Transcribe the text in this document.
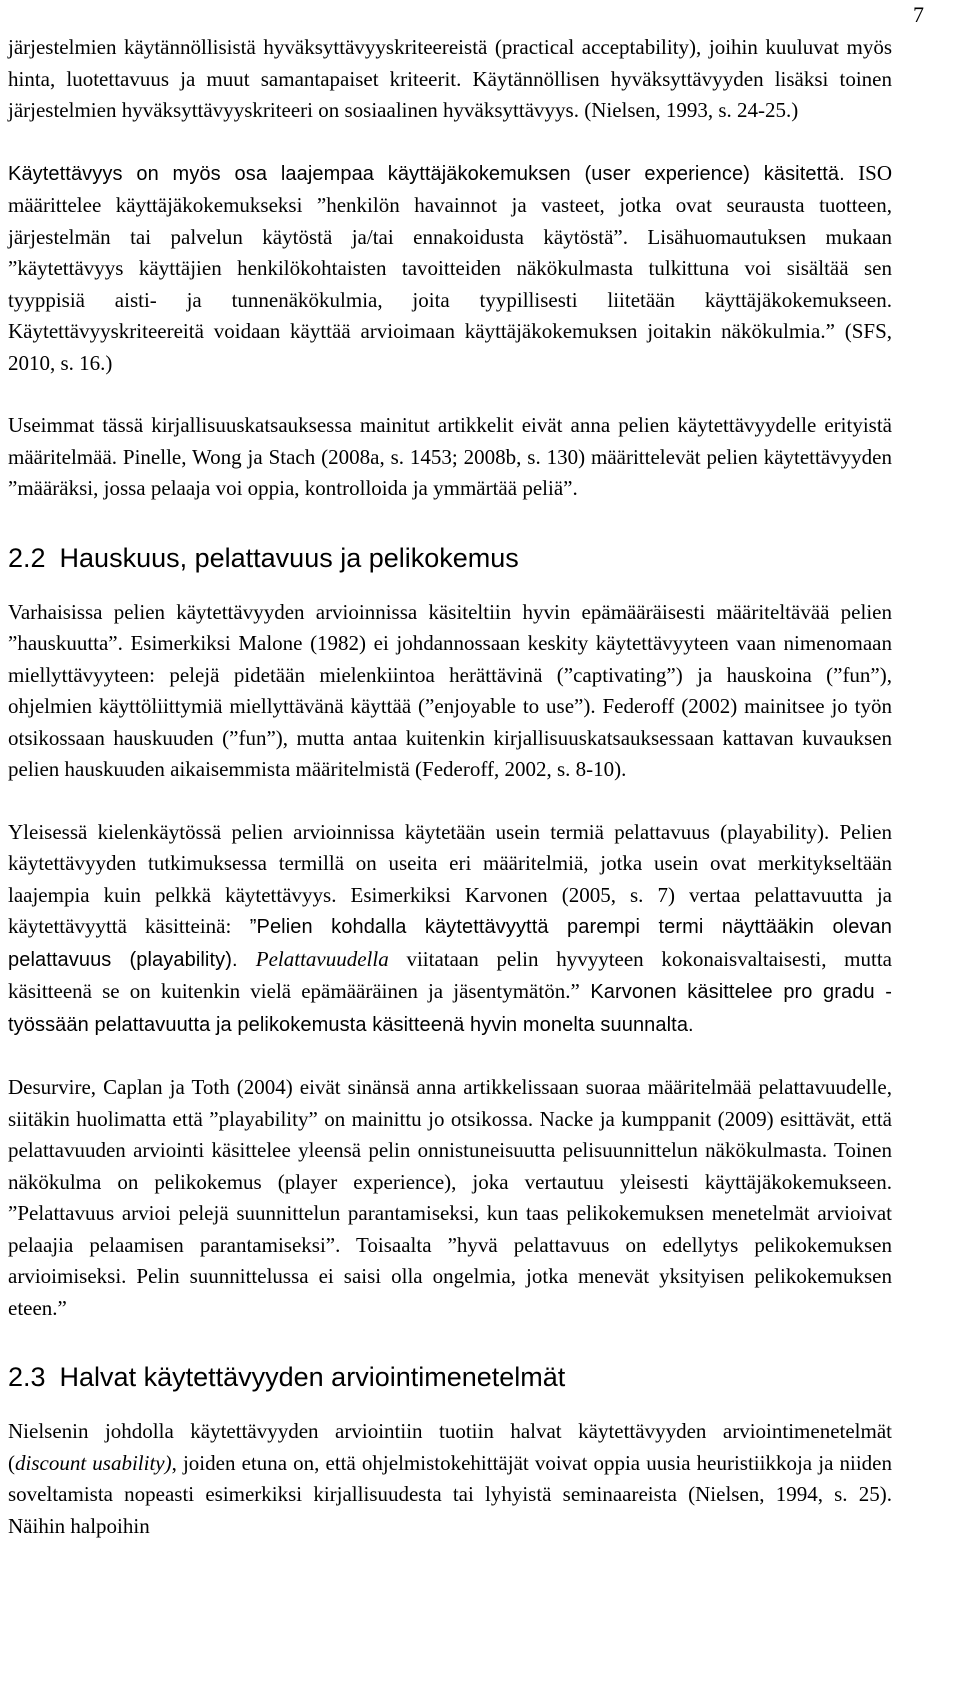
7

järjestelmien käytännöllisistä hyväksyttävyyskriteereistä (practical acceptability), joihin kuuluvat myös hinta, luotettavuus ja muut samantapaiset kriteerit. Käytännöllisen hyväksyttävyyden lisäksi toinen järjestelmien hyväksyttävyyskriteeri on sosiaalinen hyväksyttävyys. (Nielsen, 1993, s. 24-25.)

Käytettävyys on myös osa laajempaa käyttäjäkokemuksen (user experience) käsitettä. ISO määrittelee käyttäjäkokemukseksi ”henkilön havainnot ja vasteet, jotka ovat seurausta tuotteen, järjestelmän tai palvelun käytöstä ja/tai ennakoidusta käytöstä”. Lisähuomautuksen mukaan ”käytettävyys käyttäjien henkilökohtaisten tavoitteiden näkökulmasta tulkittuna voi sisältää sen tyyppisiä aisti- ja tunnenäkökulmia, joita tyypillisesti liitetään käyttäjäkokemukseen. Käytettävyyskriteereitä voidaan käyttää arvioimaan käyttäjäkokemuksen joitakin näkökulmia.” (SFS, 2010, s. 16.)

Useimmat tässä kirjallisuuskatsauksessa mainitut artikkelit eivät anna pelien käytettävyydelle erityistä määritelmää. Pinelle, Wong ja Stach (2008a, s. 1453; 2008b, s. 130) määrittelevät pelien käytettävyyden ”määräksi, jossa pelaaja voi oppia, kontrolloida ja ymmärtää peliä”.

2.2 Hauskuus, pelattavuus ja pelikokemus

Varhaisissa pelien käytettävyyden arvioinnissa käsiteltiin hyvin epämääräisesti määriteltävää pelien ”hauskuutta”. Esimerkiksi Malone (1982) ei johdannossaan keskity käytettävyyteen vaan nimenomaan miellyttävyyteen: pelejä pidetään mielenkiintoa herättävinä (”captivating”) ja hauskoina (”fun”), ohjelmien käyttöliittymiä miellyttävänä käyttää (”enjoyable to use”). Federoff (2002) mainitsee jo työn otsikossaan hauskuuden (”fun”), mutta antaa kuitenkin kirjallisuuskatsauksessaan kattavan kuvauksen pelien hauskuuden aikaisemmista määritelmistä (Federoff, 2002, s. 8-10).

Yleisessä kielenkäytössä pelien arvioinnissa käytetään usein termiä pelattavuus (playability). Pelien käytettävyyden tutkimuksessa termillä on useita eri määritelmiä, jotka usein ovat merkitykseltään laajempia kuin pelkkä käytettävyys. Esimerkiksi Karvonen (2005, s. 7) vertaa pelattavuutta ja käytettävyyttä käsitteinä: ”Pelien kohdalla käytettävyyttä parempi termi näyttääkin olevan pelattavuus (playability). Pelattavuudella viitataan pelin hyvyyteen kokonaisvaltaisesti, mutta käsitteenä se on kuitenkin vielä epämääräinen ja jäsentymätön.” Karvonen käsittelee pro gradu -työssään pelattavuutta ja pelikokemusta käsitteenä hyvin monelta suunnalta.

Desurvire, Caplan ja Toth (2004) eivät sinänsä anna artikkelissaan suoraa määritelmää pelattavuudelle, siitäkin huolimatta että ”playability” on mainittu jo otsikossa. Nacke ja kumppanit (2009) esittävät, että pelattavuuden arviointi käsittelee yleensä pelin onnistuneisuutta pelisuunnittelun näkökulmasta. Toinen näkökulma on pelikokemus (player experience), joka vertautuu yleisesti käyttäjäkokemukseen. ”Pelattavuus arvioi pelejä suunnittelun parantamiseksi, kun taas pelikokemuksen menetelmät arvioivat pelaajia pelaamisen parantamiseksi”. Toisaalta ”hyvä pelattavuus on edellytys pelikokemuksen arvioimiseksi. Pelin suunnittelussa ei saisi olla ongelmia, jotka menevät yksityisen pelikokemuksen eteen.”

2.3 Halvat käytettävyyden arviointimenetelmät

Nielsenin johdolla käytettävyyden arviointiin tuotiin halvat käytettävyyden arviointimenetelmät (discount usability), joiden etuna on, että ohjelmistokehittäjät voivat oppia uusia heuristiikkoja ja niiden soveltamista nopeasti esimerkiksi kirjallisuudesta tai lyhyistä seminaareista (Nielsen, 1994, s. 25). Näihin halpoihin
